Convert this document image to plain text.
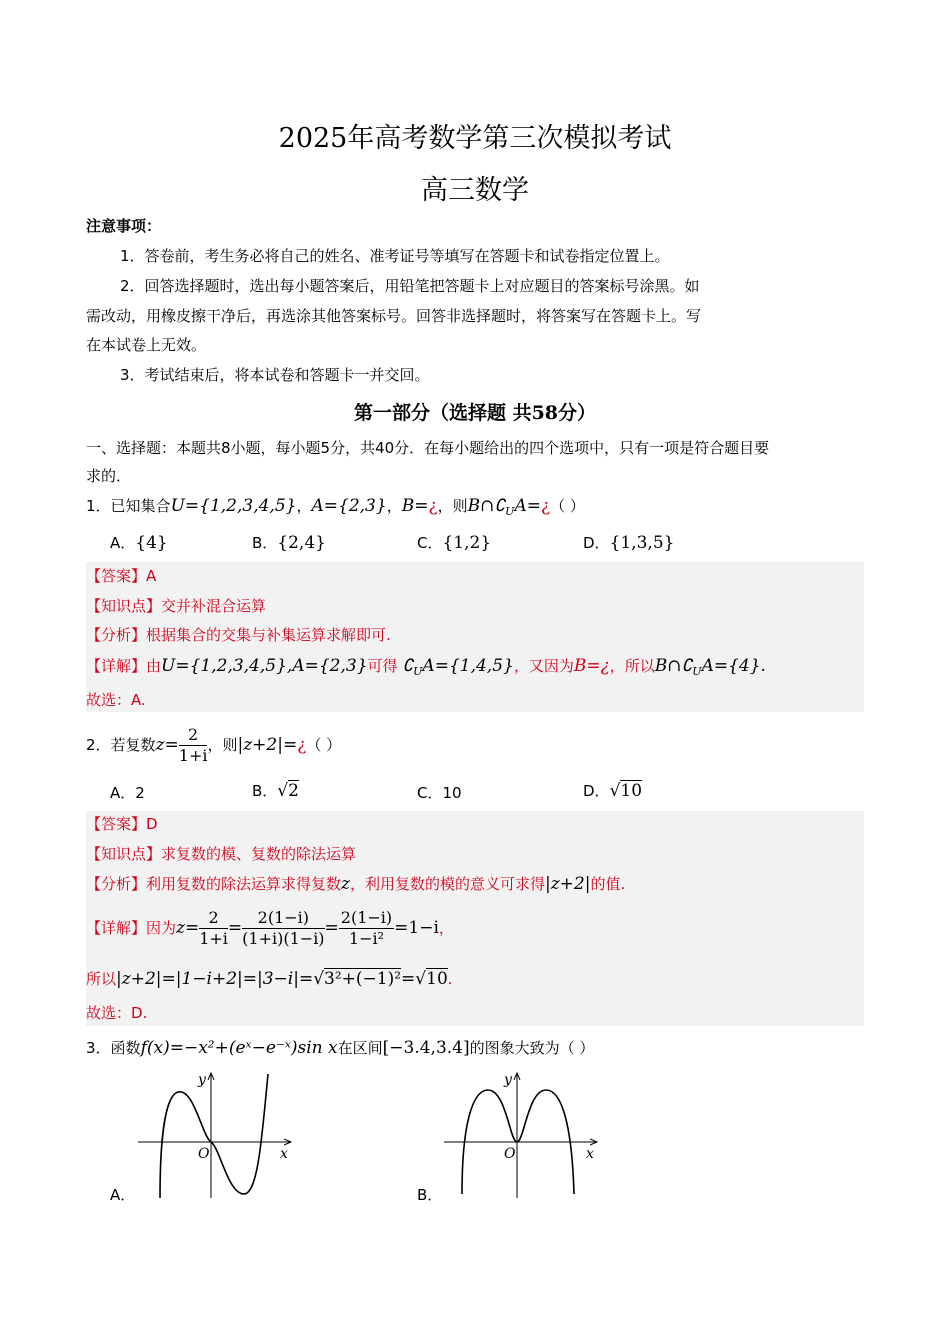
2025年高考数学第三次模拟考试
高三数学
注意事项：
1．答卷前，考生务必将自己的姓名、准考证号等填写在答题卡和试卷指定位置上。
2．回答选择题时，选出每小题答案后，用铅笔把答题卡上对应题目的答案标号涂黑。如
需改动，用橡皮擦干净后，再选涂其他答案标号。回答非选择题时，将答案写在答题卡上。写
在本试卷上无效。
3．考试结束后，将本试卷和答题卡一并交回。
第一部分（选择题 共58分）
一、选择题：本题共8小题，每小题5分，共40分．在每小题给出的四个选项中，只有一项是符合题目要
求的．
1．已知集合U={1,2,3,4,5}，A={2,3}，B=¿，则$B\cap∁_UA=¿$（ ）
A．{4}	B．{2,4}	C．{1,2}	D．{1,3,5}
【答案】A
【知识点】交并补混合运算
【分析】根据集合的交集与补集运算求解即可.
【详解】由U={1,2,3,4,5},A={2,3}可得 $∁_UA=\{1,4,5\}$，又因为B=¿，所以$B\cap∁_UA=\{4\}$.
故选：A.
2．若复数$z= \frac{2}{1+i}$ ，则|z+2|=¿（ ）
A．2	B．√2	C．10	D．√10
【答案】D
【知识点】求复数的模、复数的除法运算
【分析】利用复数的除法运算求得复数z，利用复数的模的意义可求得|z+2|的值.
【详解】因为$z= \frac{2}{1+i} = \frac{2(1-i)}{(1+i)(1-i)} = \frac{2(1-i)}{\text{1−i²}} =1-i$，
所以|z+2|=|1−i+2|=|3−i|=√3²+(−1)²=√10.
故选：D.
3．函数f(x)=−x²+(eˣ−e⁻ˣ)sin x在区间[−3.4,3.4]的图象大致为（ ）
O	x
y
A．
O	x
y
B．
